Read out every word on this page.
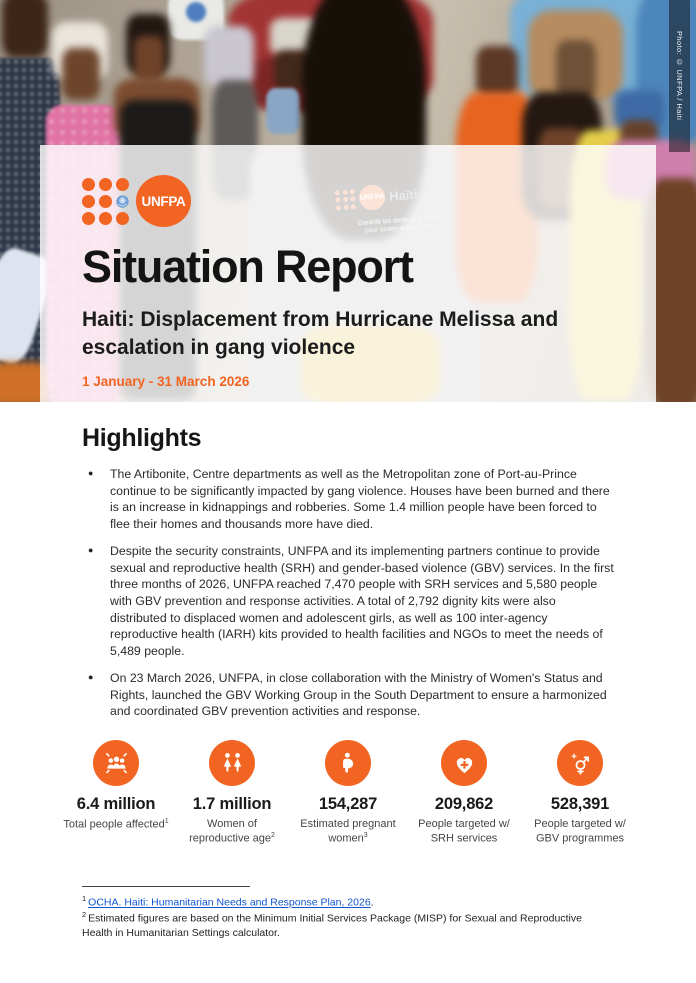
Photo: © UNFPA / Haiti
UNFPA
Situation Report
Haiti: Displacement from Hurricane Melissa and escalation in gang violence
1 January - 31 March 2026
Highlights

● The Artibonite, Centre departments as well as the Metropolitan zone of Port-au-Prince continue to be significantly impacted by gang violence. Houses have been burned and there is an increase in kidnappings and robberies. Some 1.4 million people have been forced to flee their homes and thousands more have died.

● Despite the security constraints, UNFPA and its implementing partners continue to provide sexual and reproductive health (SRH) and gender-based violence (GBV) services. In the first three months of 2026, UNFPA reached 7,470 people with SRH services and 5,580 people with GBV prevention and response activities. A total of 2,792 dignity kits were also distributed to displaced women and adolescent girls, as well as 100 inter-agency reproductive health (IARH) kits provided to health facilities and NGOs to meet the needs of 5,489 people.

● On 23 March 2026, UNFPA, in close collaboration with the Ministry of Women's Status and Rights, launched the GBV Working Group in the South Department to ensure a harmonized and coordinated GBV prevention activities and response.

6.4 million
Total people affected$^1$
1.7 million
Women of reproductive age$^2$
154,287
Estimated pregnant women$^3$
209,862
People targeted w/ SRH services
528,391
People targeted w/ GBV programmes

$^1$ OCHA. Haiti: Humanitarian Needs and Response Plan, 2026.

$^2$ Estimated figures are based on the Minimum Initial Services Package (MISP) for Sexual and Reproductive Health in Humanitarian Settings calculator.
